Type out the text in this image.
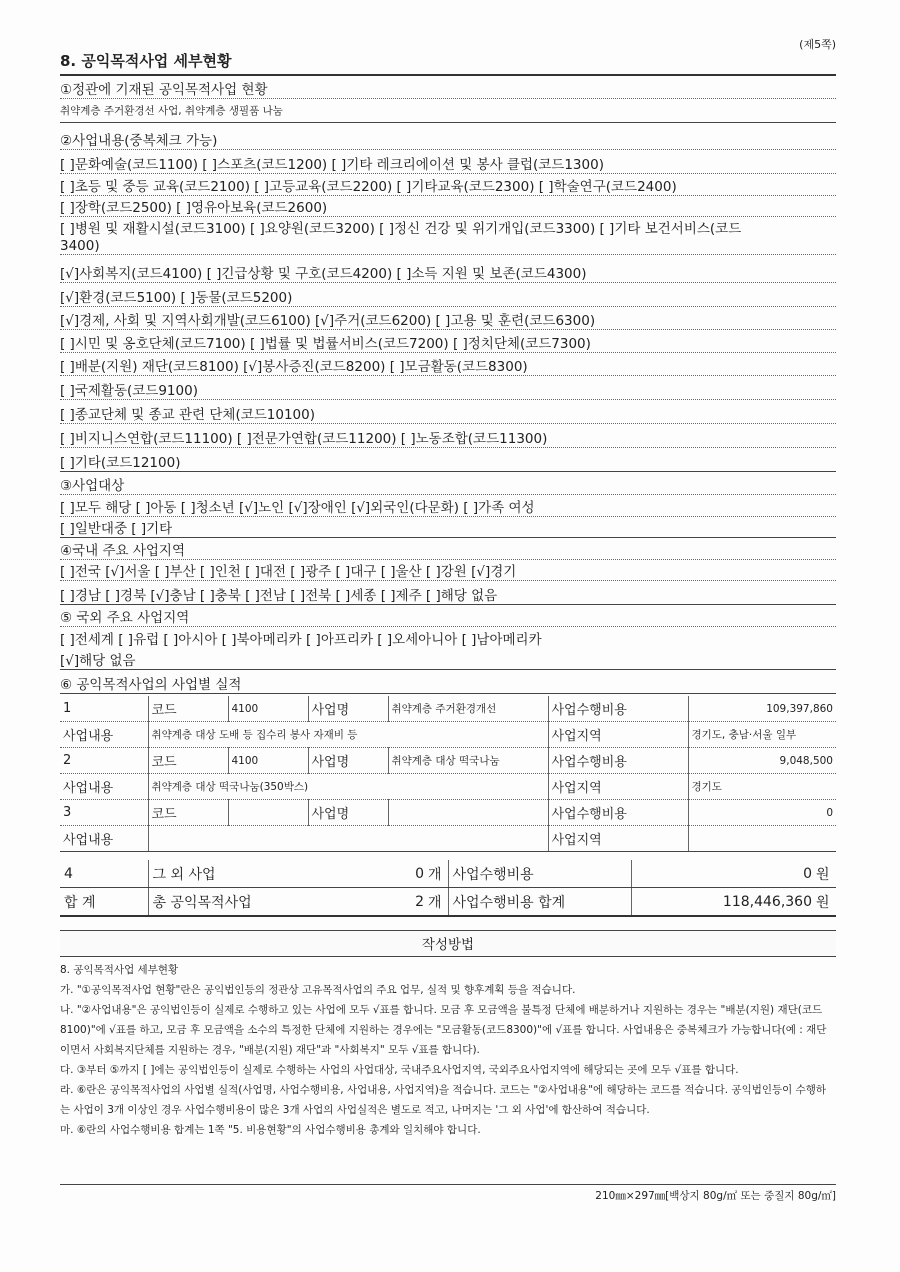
(제5쪽)
8. 공익목적사업 세부현황
①정관에 기재된 공익목적사업 현황
취약계층 주거환경선 사업, 취약계층 생필품 나눔
②사업내용(중복체크 가능)
[ ]문화예술(코드1100) [ ]스포츠(코드1200) [ ]기타 레크리에이션 및 봉사 클럽(코드1300)
[ ]초등 및 중등 교육(코드2100) [ ]고등교육(코드2200) [ ]기타교육(코드2300) [ ]학술연구(코드2400)
[ ]장학(코드2500) [ ]영유아보육(코드2600)
[ ]병원 및 재활시설(코드3100) [ ]요양원(코드3200) [ ]정신 건강 및 위기개입(코드3300) [ ]기타 보건서비스(코드
3400)
[√]사회복지(코드4100) [ ]긴급상황 및 구호(코드4200) [ ]소득 지원 및 보존(코드4300)
[√]환경(코드5100) [ ]동물(코드5200)
[√]경제, 사회 및 지역사회개발(코드6100) [√]주거(코드6200) [ ]고용 및 훈련(코드6300)
[ ]시민 및 옹호단체(코드7100) [ ]법률 및 법률서비스(코드7200) [ ]정치단체(코드7300)
[ ]배분(지원) 재단(코드8100) [√]봉사증진(코드8200) [ ]모금활동(코드8300)
[ ]국제활동(코드9100)
[ ]종교단체 및 종교 관련 단체(코드10100)
[ ]비지니스연합(코드11100) [ ]전문가연합(코드11200) [ ]노동조합(코드11300)
[ ]기타(코드12100)
③사업대상
[ ]모두 해당 [ ]아동 [ ]청소년 [√]노인 [√]장애인 [√]외국인(다문화) [ ]가족 여성
[ ]일반대중 [ ]기타
④국내 주요 사업지역
[ ]전국 [√]서울 [ ]부산 [ ]인천 [ ]대전 [ ]광주 [ ]대구 [ ]울산 [ ]강원 [√]경기
[ ]경남 [ ]경북 [√]충남 [ ]충북 [ ]전남 [ ]전북 [ ]세종 [ ]제주 [ ]해당 없음
⑤ 국외 주요 사업지역
[ ]전세계 [ ]유럽 [ ]아시아 [ ]북아메리카 [ ]아프리카 [ ]오세아니아 [ ]남아메리카
[√]해당 없음
⑥ 공익목적사업의 사업별 실적
1	코드	4100	사업명	취약계층 주거환경개선	사업수행비용	109,397,860
사업내용	취약계층 대상 도배 등 집수리 봉사 자재비 등				사업지역	경기도, 충남·서울 일부
2	코드	4100	사업명	취약계층 대상 떡국나눔	사업수행비용	9,048,500
사업내용	취약계층 대상 떡국나눔(350박스)				사업지역	경기도
3	코드		사업명		사업수행비용	0
사업내용					사업지역	
4	그 외 사업	0	개	사업수행비용	0	원
합 계	총 공익목적사업	2	개	사업수행비용 합계	118,446,360	원
작성방법

8. 공익목적사업 세부현황

가. "①공익목적사업 현황"란은 공익법인등의 정관상 고유목적사업의 주요 업무, 실적 및 향후계획 등을 적습니다.

나. "②사업내용"은 공익법인등이 실제로 수행하고 있는 사업에 모두 √표를 합니다. 모금 후 모금액을 불특정 단체에 배분하거나 지원하는 경우는 "배분(지원) 재단(코드8100)"에 √표를 하고, 모금 후 모금액을 소수의 특정한 단체에 지원하는 경우에는 "모금활동(코드8300)"에 √표를 합니다. 사업내용은 중복체크가 가능합니다(예 : 재단이면서 사회복지단체를 지원하는 경우, "배분(지원) 재단"과 "사회복지" 모두 √표를 합니다).

다. ③부터 ⑤까지 [ ]에는 공익법인등이 실제로 수행하는 사업의 사업대상, 국내주요사업지역, 국외주요사업지역에 해당되는 곳에 모두 √표를 합니다.

라. ⑥란은 공익목적사업의 사업별 실적(사업명, 사업수행비용, 사업내용, 사업지역)을 적습니다. 코드는 "②사업내용"에 해당하는 코드를 적습니다. 공익법인등이 수행하는 사업이 3개 이상인 경우 사업수행비용이 많은 3개 사업의 사업실적은 별도로 적고, 나머지는 '그 외 사업'에 합산하여 적습니다.

마. ⑥란의 사업수행비용 합계는 1쪽 "5. 비용현황"의 사업수행비용 총계와 일치해야 합니다.

210㎜×297㎜[백상지 80g/㎡ 또는 중질지 80g/㎡]
